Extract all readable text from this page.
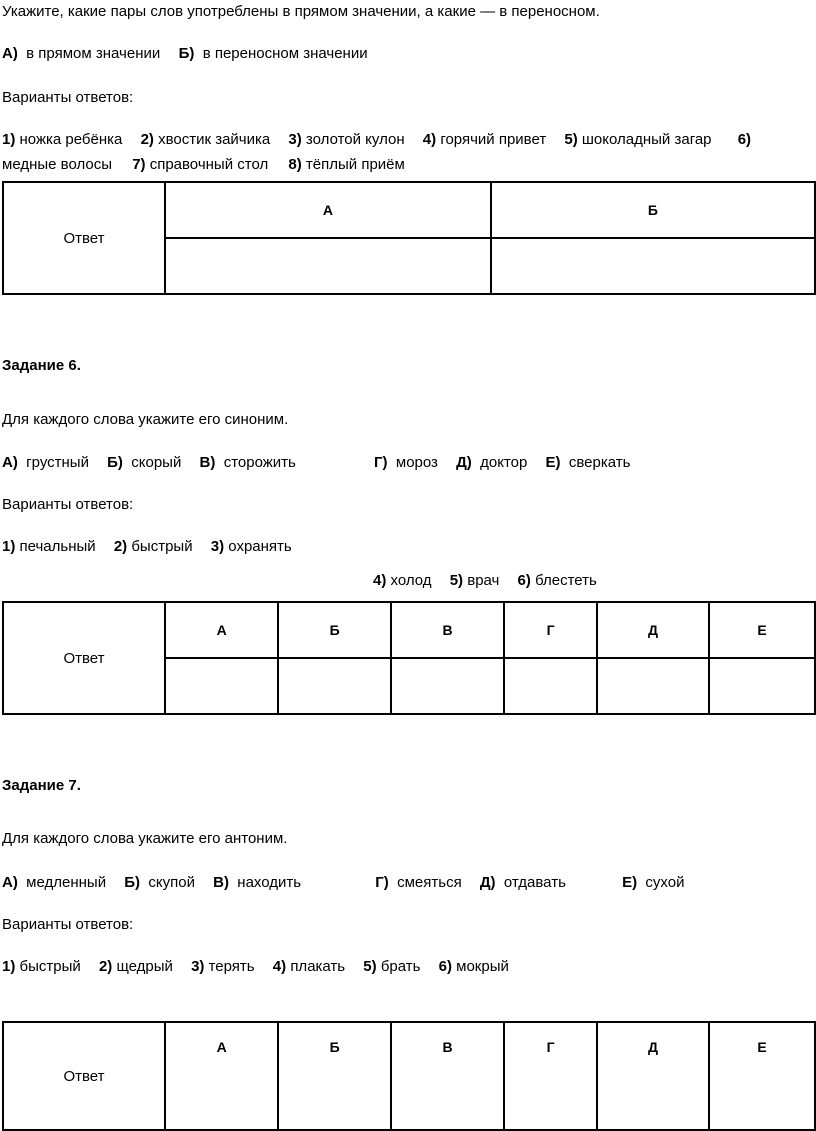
Укажите, какие пары слов употреблены в прямом значении, а какие — в переносном.
А) в прямом значении Б) в переносном значении
Варианты ответов:
1) ножка ребёнка 2) хвостик зайчика 3) золотой кулон 4) горячий привет 5) шоколадный загар 6)
медные волосы 7) справочный стол 8) тёплый приём
Ответ	А	Б

Задание 6.
Для каждого слова укажите его синоним.
А) грустный Б) скорый В) сторожить	Г) мороз Д) доктор Е) сверкать
Варианты ответов:
1) печальный 2) быстрый 3) охранять
4) холод 5) врач 6) блестеть
Ответ	А	Б	В	Г	Д	Е

Задание 7.
Для каждого слова укажите его антоним.
А) медленный Б) скупой В) находить	Г) смеяться Д) отдавать	Е) сухой
Варианты ответов:
1) быстрый 2) щедрый 3) терять 4) плакать 5) брать 6) мокрый
Ответ	А	Б	В	Г	Д	Е
